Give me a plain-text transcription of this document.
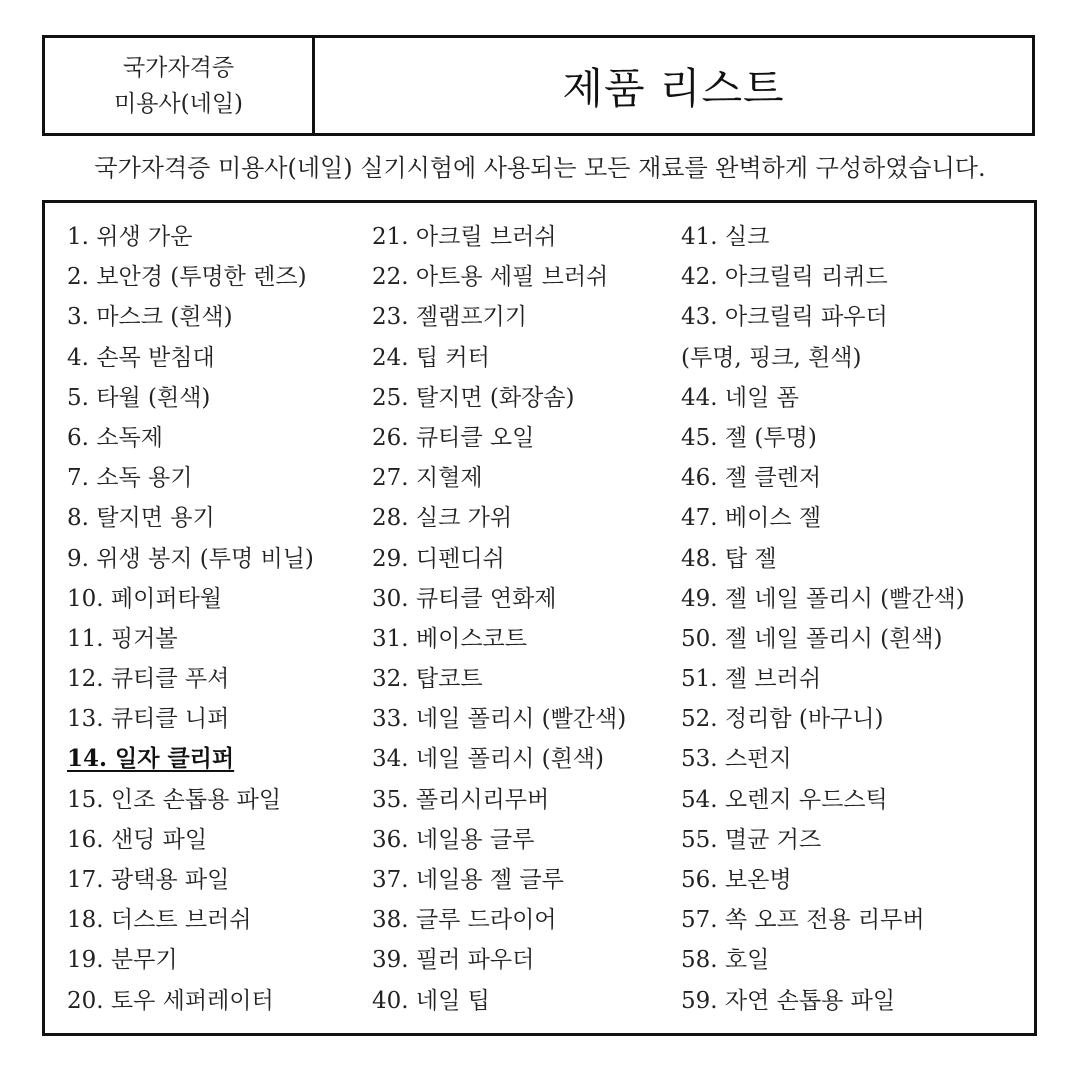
국가자격증
미용사(네일)	제품 리스트
국가자격증 미용사(네일) 실기시험에 사용되는 모든 재료를 완벽하게 구성하였습니다.
1. 위생 가운
2. 보안경 (투명한 렌즈)
3. 마스크 (흰색)
4. 손목 받침대
5. 타월 (흰색)
6. 소독제
7. 소독 용기
8. 탈지면 용기
9. 위생 봉지 (투명 비닐)
10. 페이퍼타월
11. 핑거볼
12. 큐티클 푸셔
13. 큐티클 니퍼
14. 일자 클리퍼
15. 인조 손톱용 파일
16. 샌딩 파일
17. 광택용 파일
18. 더스트 브러쉬
19. 분무기
20. 토우 세퍼레이터
21. 아크릴 브러쉬
22. 아트용 세필 브러쉬
23. 젤램프기기
24. 팁 커터
25. 탈지면 (화장솜)
26. 큐티클 오일
27. 지혈제
28. 실크 가위
29. 디펜디쉬
30. 큐티클 연화제
31. 베이스코트
32. 탑코트
33. 네일 폴리시 (빨간색)
34. 네일 폴리시 (흰색)
35. 폴리시리무버
36. 네일용 글루
37. 네일용 젤 글루
38. 글루 드라이어
39. 필러 파우더
40. 네일 팁
41. 실크
42. 아크릴릭 리퀴드
43. 아크릴릭 파우더
(투명, 핑크, 흰색)
44. 네일 폼
45. 젤 (투명)
46. 젤 클렌저
47. 베이스 젤
48. 탑 젤
49. 젤 네일 폴리시 (빨간색)
50. 젤 네일 폴리시 (흰색)
51. 젤 브러쉬
52. 정리함 (바구니)
53. 스펀지
54. 오렌지 우드스틱
55. 멸균 거즈
56. 보온병
57. 쏙 오프 전용 리무버
58. 호일
59. 자연 손톱용 파일
